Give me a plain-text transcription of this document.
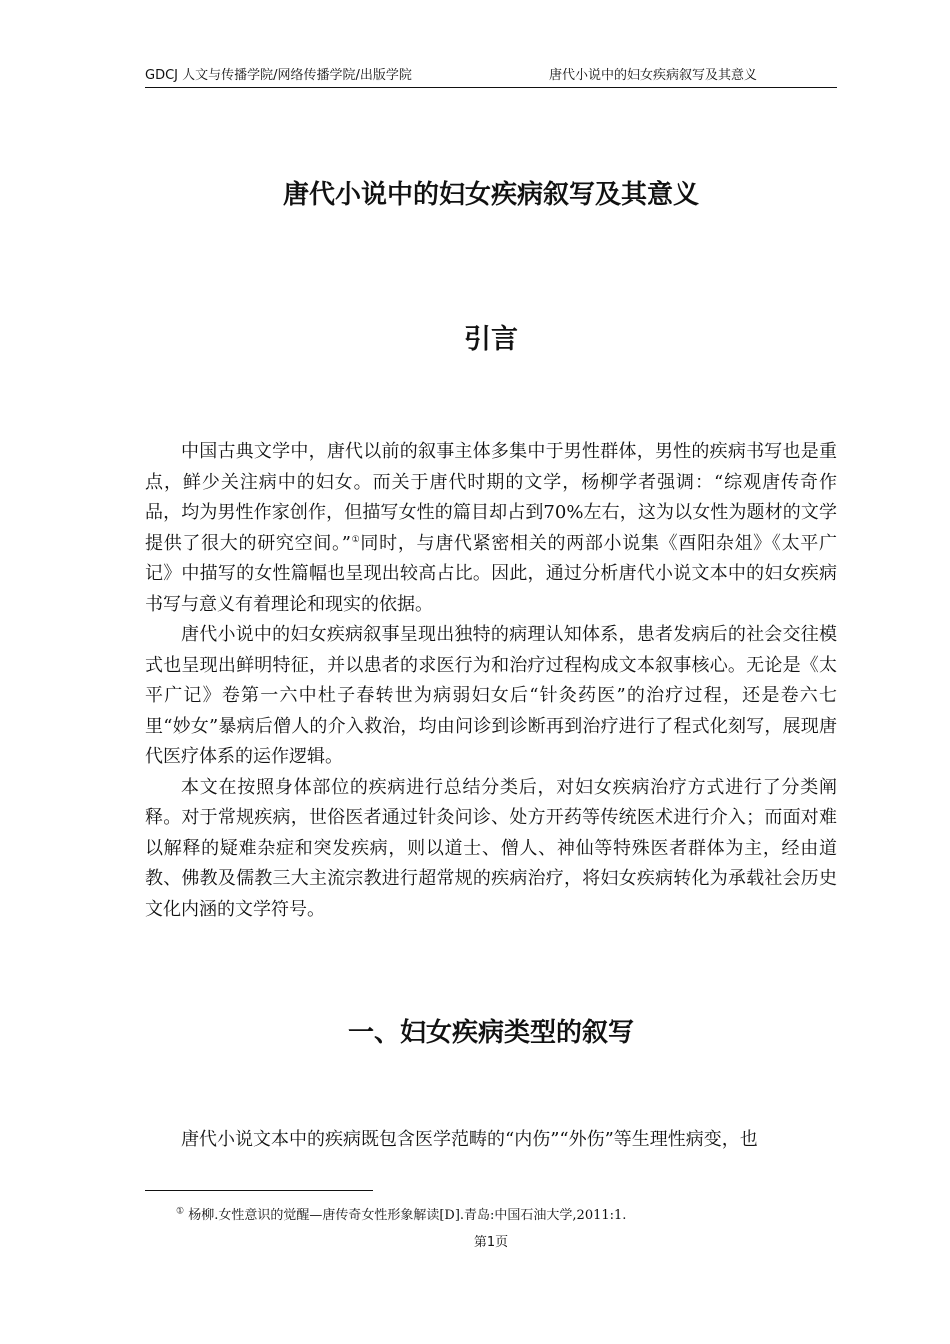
GDCJ 人文与传播学院/网络传播学院/出版学院	唐代小说中的妇女疾病叙写及其意义
唐代小说中的妇女疾病叙写及其意义
引言

中国古典文学中，唐代以前的叙事主体多集中于男性群体，男性的疾病书写也是重点，鲜少关注病中的妇女。而关于唐代时期的文学，杨柳学者强调：“综观唐传奇作品，均为男性作家创作，但描写女性的篇目却占到70%左右，这为以女性为题材的文学提供了很大的研究空间。”①同时，与唐代紧密相关的两部小说集《酉阳杂俎》《太平广记》中描写的女性篇幅也呈现出较高占比。因此，通过分析唐代小说文本中的妇女疾病书写与意义有着理论和现实的依据。

唐代小说中的妇女疾病叙事呈现出独特的病理认知体系，患者发病后的社会交往模式也呈现出鲜明特征，并以患者的求医行为和治疗过程构成文本叙事核心。无论是《太平广记》卷第一六中杜子春转世为病弱妇女后“针灸药医”的治疗过程，还是卷六七里“妙女”暴病后僧人的介入救治，均由问诊到诊断再到治疗进行了程式化刻写，展现唐代医疗体系的运作逻辑。

本文在按照身体部位的疾病进行总结分类后，对妇女疾病治疗方式进行了分类阐释。对于常规疾病，世俗医者通过针灸问诊、处方开药等传统医术进行介入；而面对难以解释的疑难杂症和突发疾病，则以道士、僧人、神仙等特殊医者群体为主，经由道教、佛教及儒教三大主流宗教进行超常规的疾病治疗，将妇女疾病转化为承载社会历史文化内涵的文学符号。

一、妇女疾病类型的叙写

唐代小说文本中的疾病既包含医学范畴的“内伤”“外伤”等生理性病变，也

① 杨柳.女性意识的觉醒—唐传奇女性形象解读[D].青岛:中国石油大学,2011:1.
第1页
